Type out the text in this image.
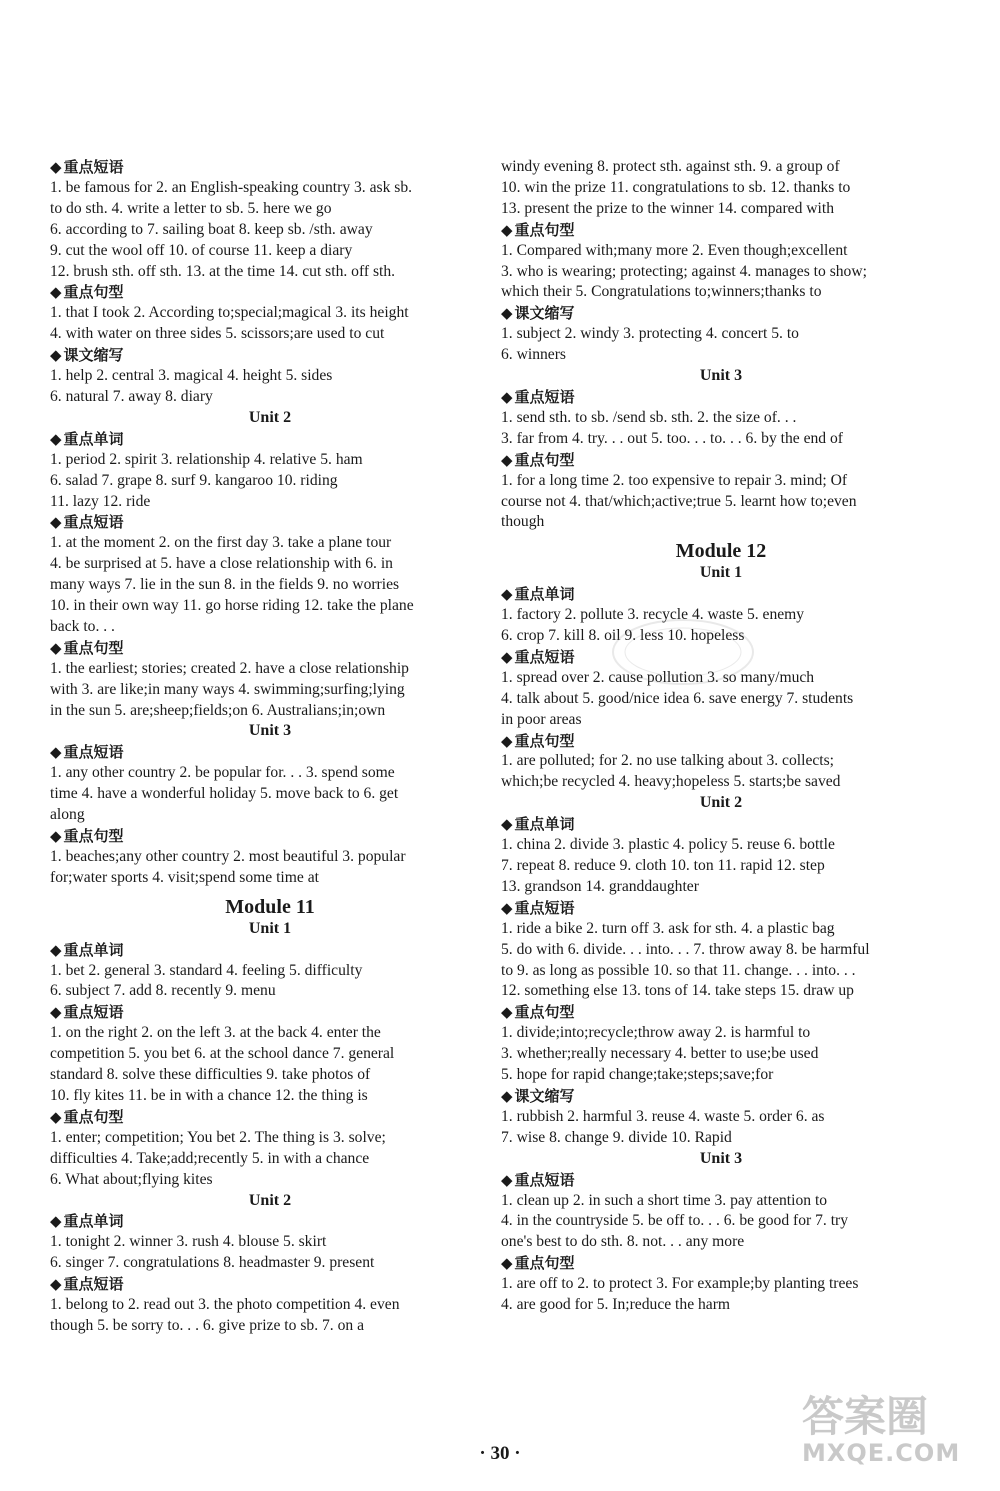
◆ 重点短语
1. be famous for 2. an English-speaking country 3. ask sb.
to do sth. 4. write a letter to sb. 5. here we go
6. according to 7. sailing boat 8. keep sb. /sth. away
9. cut the wool off 10. of course 11. keep a diary
12. brush sth. off sth. 13. at the time 14. cut sth. off sth.
◆ 重点句型
1. that I took 2. According to;special;magical 3. its height
4. with water on three sides 5. scissors;are used to cut
◆ 课文缩写
1. help 2. central 3. magical 4. height 5. sides
6. natural 7. away 8. diary
Unit 2
◆ 重点单词
1. period 2. spirit 3. relationship 4. relative 5. ham
6. salad 7. grape 8. surf 9. kangaroo 10. riding
11. lazy 12. ride
◆ 重点短语
1. at the moment 2. on the first day 3. take a plane tour
4. be surprised at 5. have a close relationship with 6. in
many ways 7. lie in the sun 8. in the fields 9. no worries
10. in their own way 11. go horse riding 12. take the plane
back to. . .
◆ 重点句型
1. the earliest; stories; created 2. have a close relationship
with 3. are like;in many ways 4. swimming;surfing;lying
in the sun 5. are;sheep;fields;on 6. Australians;in;own
Unit 3
◆ 重点短语
1. any other country 2. be popular for. . . 3. spend some
time 4. have a wonderful holiday 5. move back to 6. get
along
◆ 重点句型
1. beaches;any other country 2. most beautiful 3. popular
for;water sports 4. visit;spend some time at
Module 11
Unit 1
◆ 重点单词
1. bet 2. general 3. standard 4. feeling 5. difficulty
6. subject 7. add 8. recently 9. menu
◆ 重点短语
1. on the right 2. on the left 3. at the back 4. enter the
competition 5. you bet 6. at the school dance 7. general
standard 8. solve these difficulties 9. take photos of
10. fly kites 11. be in with a chance 12. the thing is
◆ 重点句型
1. enter; competition; You bet 2. The thing is 3. solve;
difficulties 4. Take;add;recently 5. in with a chance
6. What about;flying kites
Unit 2
◆ 重点单词
1. tonight 2. winner 3. rush 4. blouse 5. skirt
6. singer 7. congratulations 8. headmaster 9. present
◆ 重点短语
1. belong to 2. read out 3. the photo competition 4. even
though 5. be sorry to. . . 6. give prize to sb. 7. on a
windy evening 8. protect sth. against sth. 9. a group of
10. win the prize 11. congratulations to sb. 12. thanks to
13. present the prize to the winner 14. compared with
◆ 重点句型
1. Compared with;many more 2. Even though;excellent
3. who is wearing; protecting; against 4. manages to show;
which their 5. Congratulations to;winners;thanks to
◆ 课文缩写
1. subject 2. windy 3. protecting 4. concert 5. to
6. winners
Unit 3
◆ 重点短语
1. send sth. to sb. /send sb. sth. 2. the size of. . .
3. far from 4. try. . . out 5. too. . . to. . . 6. by the end of
◆ 重点句型
1. for a long time 2. too expensive to repair 3. mind; Of
course not 4. that/which;active;true 5. learnt how to;even
though
Module 12
Unit 1
◆ 重点单词
1. factory 2. pollute 3. recycle 4. waste 5. enemy
6. crop 7. kill 8. oil 9. less 10. hopeless
◆ 重点短语
1. spread over 2. cause pollution 3. so many/much
4. talk about 5. good/nice idea 6. save energy 7. students
in poor areas
◆ 重点句型
1. are polluted; for 2. no use talking about 3. collects;
which;be recycled 4. heavy;hopeless 5. starts;be saved
Unit 2
◆ 重点单词
1. china 2. divide 3. plastic 4. policy 5. reuse 6. bottle
7. repeat 8. reduce 9. cloth 10. ton 11. rapid 12. step
13. grandson 14. granddaughter
◆ 重点短语
1. ride a bike 2. turn off 3. ask for sth. 4. a plastic bag
5. do with 6. divide. . . into. . . 7. throw away 8. be harmful
to 9. as long as possible 10. so that 11. change. . . into. . .
12. something else 13. tons of 14. take steps 15. draw up
◆ 重点句型
1. divide;into;recycle;throw away 2. is harmful to
3. whether;really necessary 4. better to use;be used
5. hope for rapid change;take;steps;save;for
◆ 课文缩写
1. rubbish 2. harmful 3. reuse 4. waste 5. order 6. as
7. wise 8. change 9. divide 10. Rapid
Unit 3
◆ 重点短语
1. clean up 2. in such a short time 3. pay attention to
4. in the countryside 5. be off to. . . 6. be good for 7. try
one's best to do sth. 8. not. . . any more
◆ 重点句型
1. are off to 2. to protect 3. For example;by planting trees
4. are good for 5. In;reduce the harm
· 30 ·
答案圈
MXQE.COM
